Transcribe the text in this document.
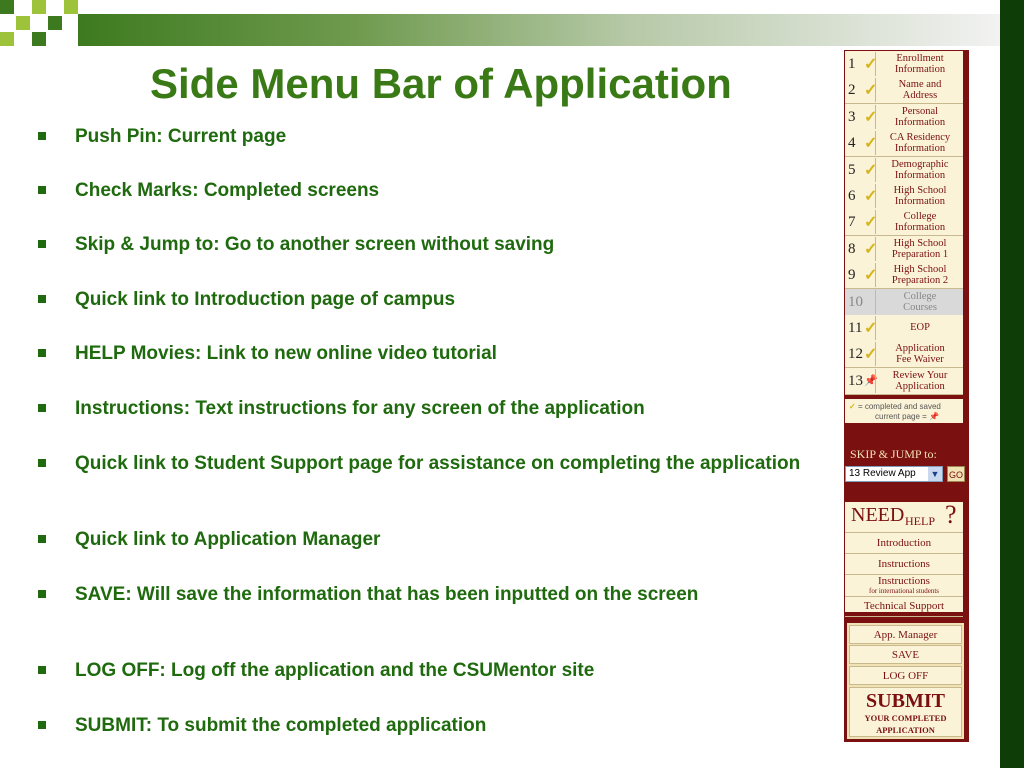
Side Menu Bar of Application
Push Pin: Current page
Check Marks: Completed screens
Skip & Jump to: Go to another screen without saving
Quick link to Introduction page of campus
HELP Movies: Link to new online video tutorial
Instructions: Text instructions for any screen of the application
Quick link to Student Support page for assistance on completing the application
Quick link to Application Manager
SAVE: Will save the information that has been inputted on the screen
LOG OFF: Log off the application and the CSUMentor site
SUBMIT: To submit the completed application
1 ✓	Enrollment
Information
2 ✓	Name and
Address
3 ✓	Personal
Information
4 ✓	CA Residency
Information
5 ✓	Demographic
Information
6 ✓	High School
Information
7 ✓	College
Information
8 ✓	High School
Preparation 1
9 ✓	High School
Preparation 2
10	College
Courses
11 ✓	EOP
12 ✓	Application
Fee Waiver
13 📌	Review Your
Application
✓ = completed and saved
current page = 📌
SKIP & JUMP to:
13 Review App ▼ GO
NEED HELP ?
Introduction
Instructions
Instructions
for international students
Technical Support
App. Manager
SAVE
LOG OFF
SUBMIT
YOUR COMPLETED
APPLICATION
